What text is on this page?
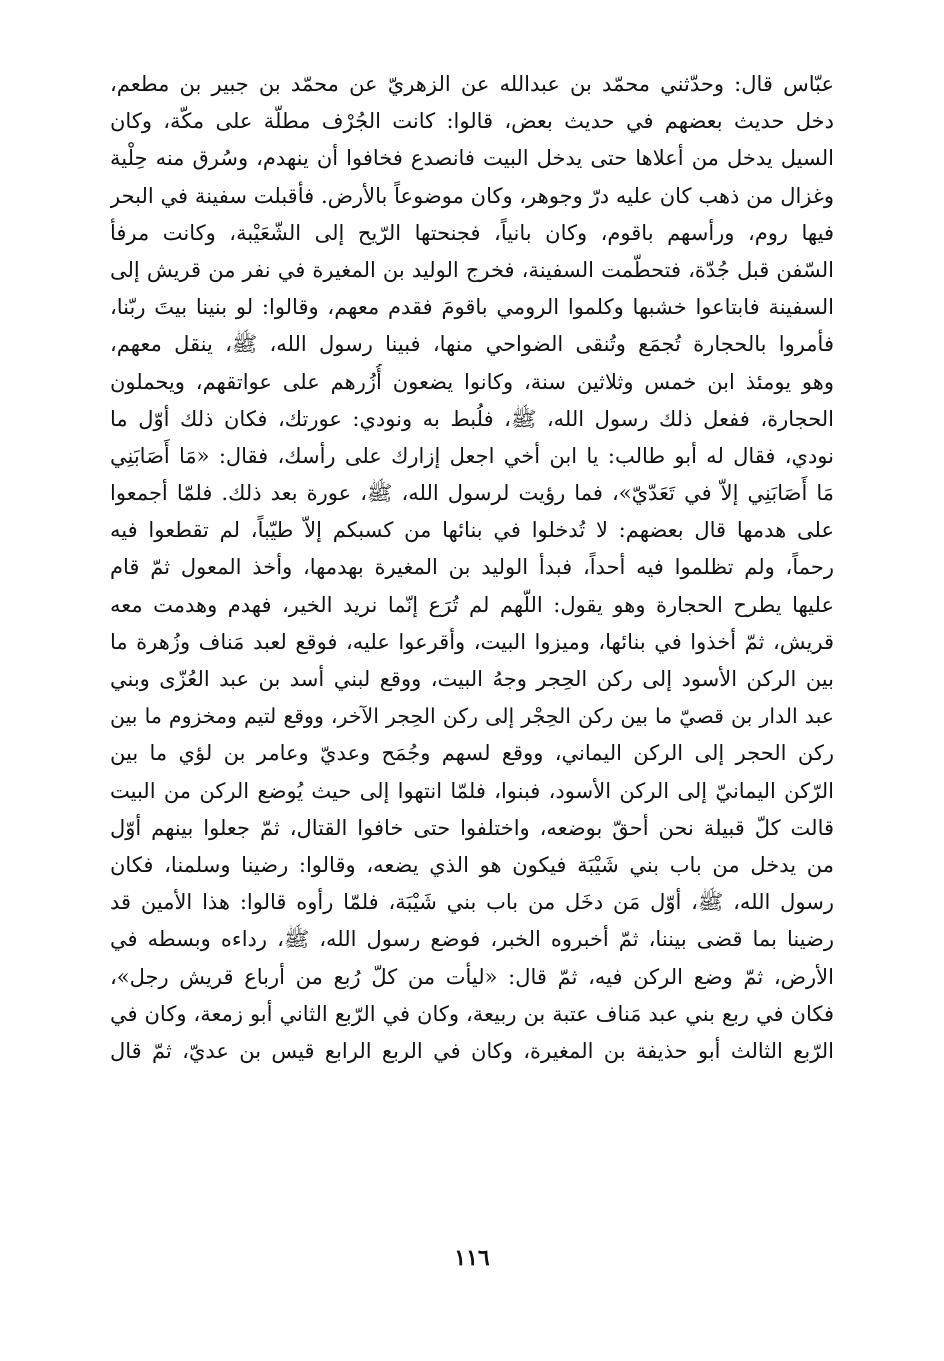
عبّاس قال: وحدّثني محمّد بن عبدالله عن الزهريّ عن محمّد بن جبير بن مطعم،
دخل حديث بعضهم في حديث بعض، قالوا: كانت الجُرْف مطلّة على مكّة، وكان
السيل يدخل من أعلاها حتى يدخل البيت فانصدع فخافوا أن ينهدم، وسُرق منه حِلْية
وغزال من ذهب كان عليه درّ وجوهر، وكان موضوعاً بالأرض. فأقبلت سفينة في البحر
فيها روم، ورأسهم باقوم، وكان بانياً، فجنحتها الرّيح إلى الشّعَيْبة، وكانت مرفأ
السّفن قبل جُدّة، فتحطّمت السفينة، فخرج الوليد بن المغيرة في نفر من قريش إلى
السفينة فابتاعوا خشبها وكلموا الرومي باقومَ فقدم معهم، وقالوا: لو بنينا بيتَ ربّنا،
فأمروا بالحجارة تُجمَع وتُنقى الضواحي منها، فبينا رسول الله، ﷺ، ينقل معهم،
وهو يومئذ ابن خمس وثلاثين سنة، وكانوا يضعون أُزُرهم على عواتقهم، ويحملون
الحجارة، ففعل ذلك رسول الله، ﷺ، فلُبط به ونودي: عورتك، فكان ذلك أوّل ما
نودي، فقال له أبو طالب: يا ابن أخي اجعل إزارك على رأسك، فقال: «مَا أَصَابَنِي
مَا أَصَابَنِي إلاّ في تَعَدّيّ»، فما رؤيت لرسول الله، ﷺ، عورة بعد ذلك. فلمّا أجمعوا
على هدمها قال بعضهم: لا تُدخلوا في بنائها من كسبكم إلاّ طيّباً، لم تقطعوا فيه
رحماً، ولم تظلموا فيه أحداً، فبدأ الوليد بن المغيرة بهدمها، وأخذ المعول ثمّ قام
عليها يطرح الحجارة وهو يقول: اللّهم لم تُرَع إنّما نريد الخير، فهدم وهدمت معه
قريش، ثمّ أخذوا في بنائها، وميزوا البيت، وأقرعوا عليه، فوقع لعبد مَناف وزُهرة ما
بين الركن الأسود إلى ركن الحِجر وجهُ البيت، ووقع لبني أسد بن عبد العُزّى وبني
عبد الدار بن قصيّ ما بين ركن الحِجْر إلى ركن الحِجر الآخر، ووقع لتيم ومخزوم ما بين
ركن الحجر إلى الركن اليماني، ووقع لسهم وجُمَح وعديّ وعامر بن لؤي ما بين
الرّكن اليمانيّ إلى الركن الأسود، فبنوا، فلمّا انتهوا إلى حيث يُوضع الركن من البيت
قالت كلّ قبيلة نحن أحقّ بوضعه، واختلفوا حتى خافوا القتال، ثمّ جعلوا بينهم أوّل
من يدخل من باب بني شَيْبَة فيكون هو الذي يضعه، وقالوا: رضينا وسلمنا، فكان
رسول الله، ﷺ، أوّل مَن دخَل من باب بني شَيْبَة، فلمّا رأوه قالوا: هذا الأمين قد
رضينا بما قضى بيننا، ثمّ أخبروه الخبر، فوضع رسول الله، ﷺ، رداءه وبسطه في
الأرض، ثمّ وضع الركن فيه، ثمّ قال: «ليأت من كلّ رُبع من أرباع قريش رجل»،
فكان في ربع بني عبد مَناف عتبة بن ربيعة، وكان في الرّبع الثاني أبو زمعة، وكان في
الرّبع الثالث أبو حذيفة بن المغيرة، وكان في الربع الرابع قيس بن عديّ، ثمّ قال
١١٦
